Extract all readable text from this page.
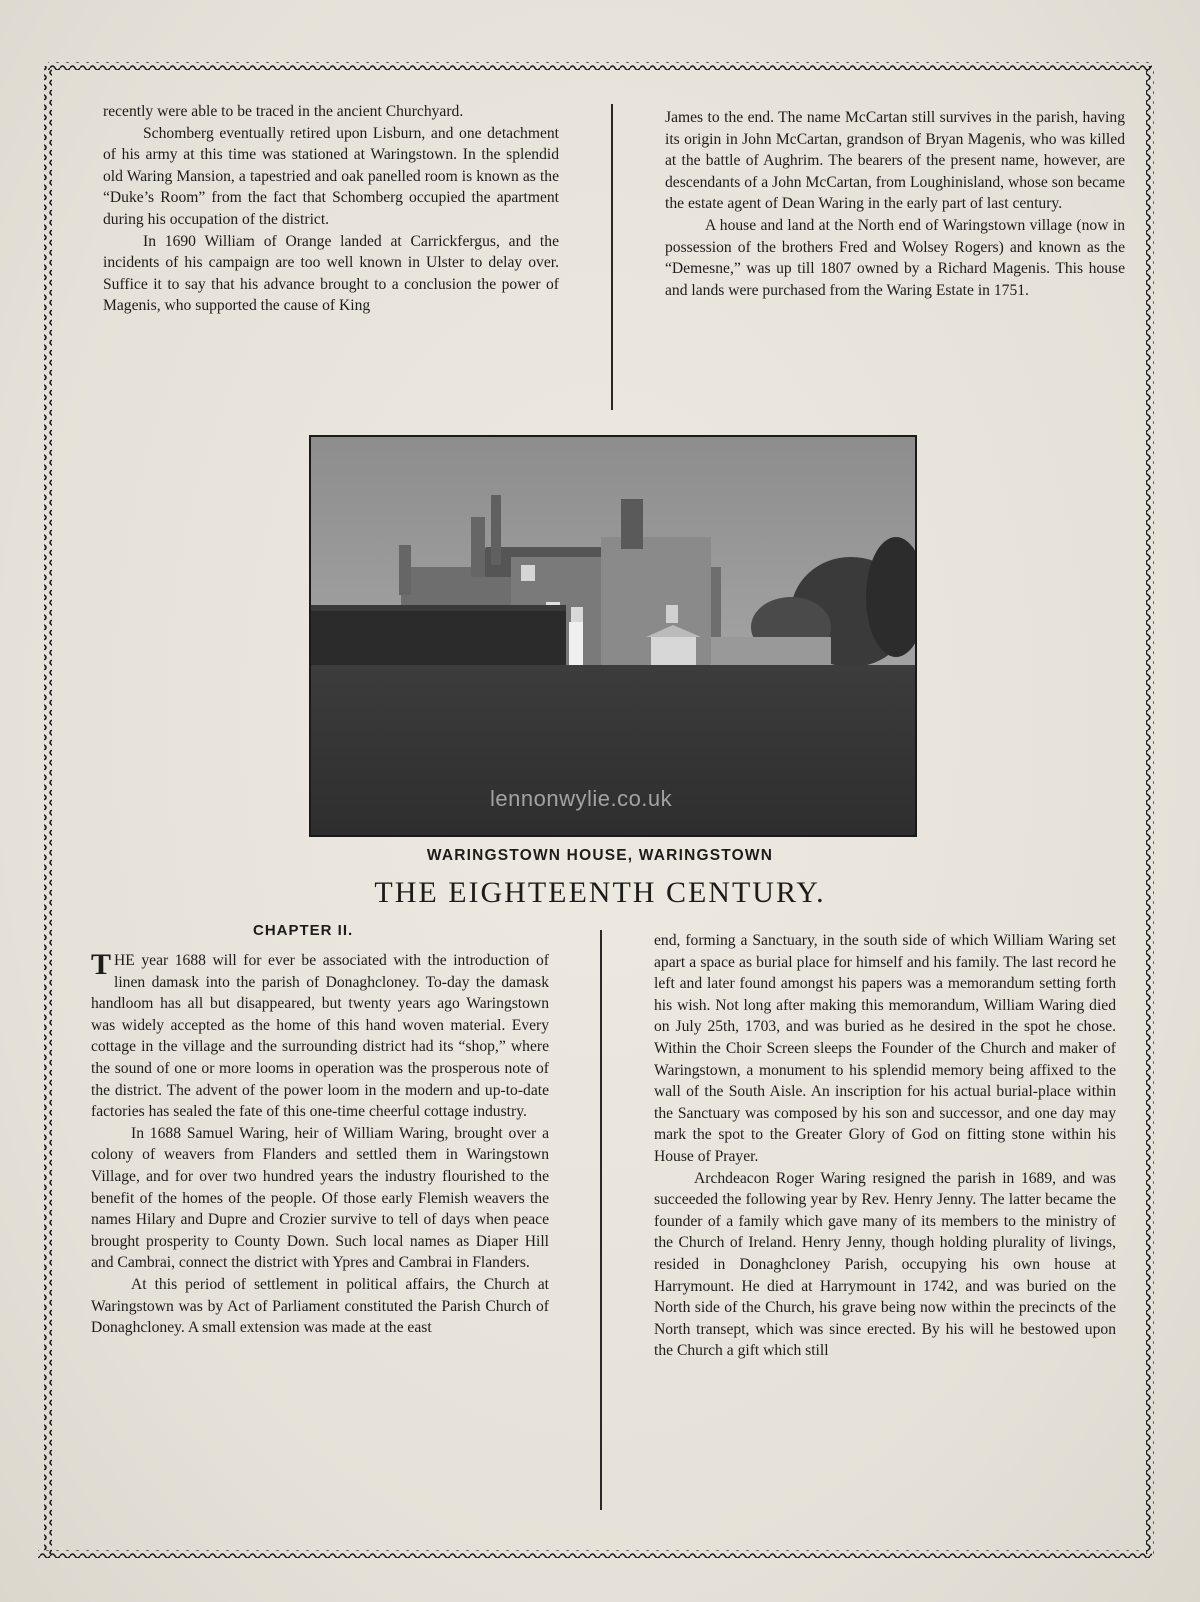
recently were able to be traced in the ancient Churchyard.

Schomberg eventually retired upon Lisburn, and one detachment of his army at this time was stationed at Waringstown. In the splendid old Waring Mansion, a tapestried and oak panelled room is known as the “Duke’s Room” from the fact that Schomberg occupied the apartment during his occupation of the district.

In 1690 William of Orange landed at Carrickfergus, and the incidents of his campaign are too well known in Ulster to delay over. Suffice it to say that his advance brought to a conclusion the power of Magenis, who supported the cause of King

James to the end. The name McCartan still survives in the parish, having its origin in John McCartan, grandson of Bryan Magenis, who was killed at the battle of Aughrim. The bearers of the present name, however, are descendants of a John McCartan, from Loughinisland, whose son became the estate agent of Dean Waring in the early part of last century.

A house and land at the North end of Waringstown village (now in possession of the brothers Fred and Wolsey Rogers) and known as the “Demesne,” was up till 1807 owned by a Richard Magenis. This house and lands were purchased from the Waring Estate in 1751.

lennonwylie.co.uk
WARINGSTOWN HOUSE, WARINGSTOWN
THE EIGHTEENTH CENTURY.
CHAPTER II.

THE year 1688 will for ever be associated with the introduction of linen damask into the parish of Donaghcloney. To-day the damask handloom has all but disappeared, but twenty years ago Waringstown was widely accepted as the home of this hand woven material. Every cottage in the village and the surrounding district had its “shop,” where the sound of one or more looms in operation was the prosperous note of the district. The advent of the power loom in the modern and up-to-date factories has sealed the fate of this one-time cheerful cottage industry.

In 1688 Samuel Waring, heir of William Waring, brought over a colony of weavers from Flanders and settled them in Waringstown Village, and for over two hundred years the industry flourished to the benefit of the homes of the people. Of those early Flemish weavers the names Hilary and Dupre and Crozier survive to tell of days when peace brought prosperity to County Down. Such local names as Diaper Hill and Cambrai, connect the district with Ypres and Cambrai in Flanders.

At this period of settlement in political affairs, the Church at Waringstown was by Act of Parliament constituted the Parish Church of Donaghcloney. A small extension was made at the east

end, forming a Sanctuary, in the south side of which William Waring set apart a space as burial place for himself and his family. The last record he left and later found amongst his papers was a memorandum setting forth his wish. Not long after making this memorandum, William Waring died on July 25th, 1703, and was buried as he desired in the spot he chose. Within the Choir Screen sleeps the Founder of the Church and maker of Waringstown, a monument to his splendid memory being affixed to the wall of the South Aisle. An inscription for his actual burial-place within the Sanctuary was composed by his son and successor, and one day may mark the spot to the Greater Glory of God on fitting stone within his House of Prayer.

Archdeacon Roger Waring resigned the parish in 1689, and was succeeded the following year by Rev. Henry Jenny. The latter became the founder of a family which gave many of its members to the ministry of the Church of Ireland. Henry Jenny, though holding plurality of livings, resided in Donaghcloney Parish, occupying his own house at Harrymount. He died at Harrymount in 1742, and was buried on the North side of the Church, his grave being now within the precincts of the North transept, which was since erected. By his will he bestowed upon the Church a gift which still
